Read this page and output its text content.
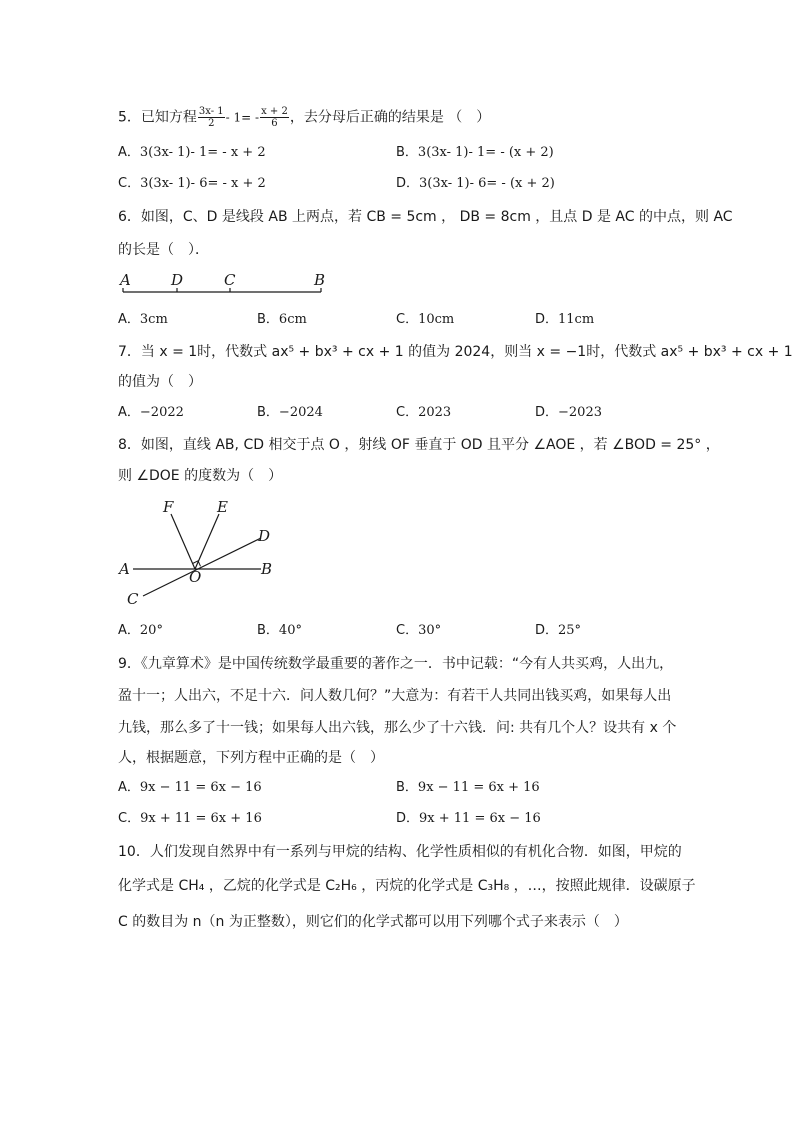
5．已知方程 $\frac{3x- 1}{2} - 1= - \frac{x + 2}{6}$ ，去分母后正确的结果是 （　）
A．3(3x- 1)- 1= - x + 2	B．3(3x- 1)- 1= - (x + 2)
C．3(3x- 1)- 6= - x + 2	D．3(3x- 1)- 6= - (x + 2)
6．如图，C、D 是线段 AB 上两点，若 CB = 5cm ， DB = 8cm ，且点 D 是 AC 的中点，则 AC
的长是（　）．
A	D	C	B
A．3cm	B．6cm	C．10cm	D．11cm
7．当 x = 1时，代数式 ax⁵ + bx³ + cx + 1 的值为 2024，则当 x = −1时，代数式 ax⁵ + bx³ + cx + 1
的值为（　）
A．−2022	B．−2024	C．2023	D．−2023
8．如图，直线 AB, CD 相交于点 O ，射线 OF 垂直于 OD 且平分 ∠AOE ，若 ∠BOD = 25° ，
则 ∠DOE 的度数为（　）
F	E
D
A	O	B
C
A．20°	B．40°	C．30°	D．25°
9．《九章算术》是中国传统数学最重要的著作之一．书中记载：“今有人共买鸡，人出九，
盈十一；人出六，不足十六．问人数几何？”大意为：有若干人共同出钱买鸡，如果每人出
九钱，那么多了十一钱；如果每人出六钱，那么少了十六钱．问: 共有几个人？设共有 x 个
人，根据题意，下列方程中正确的是（　）
A．9x − 11 = 6x − 16	B．9x − 11 = 6x + 16
C．9x + 11 = 6x + 16	D．9x + 11 = 6x − 16
10．人们发现自然界中有一系列与甲烷的结构、化学性质相似的有机化合物．如图，甲烷的
化学式是 CH₄ ，乙烷的化学式是 C₂H₆ ，丙烷的化学式是 C₃H₈ ，…，按照此规律．设碳原子
C 的数目为 n（n 为正整数），则它们的化学式都可以用下列哪个式子来表示（　）
